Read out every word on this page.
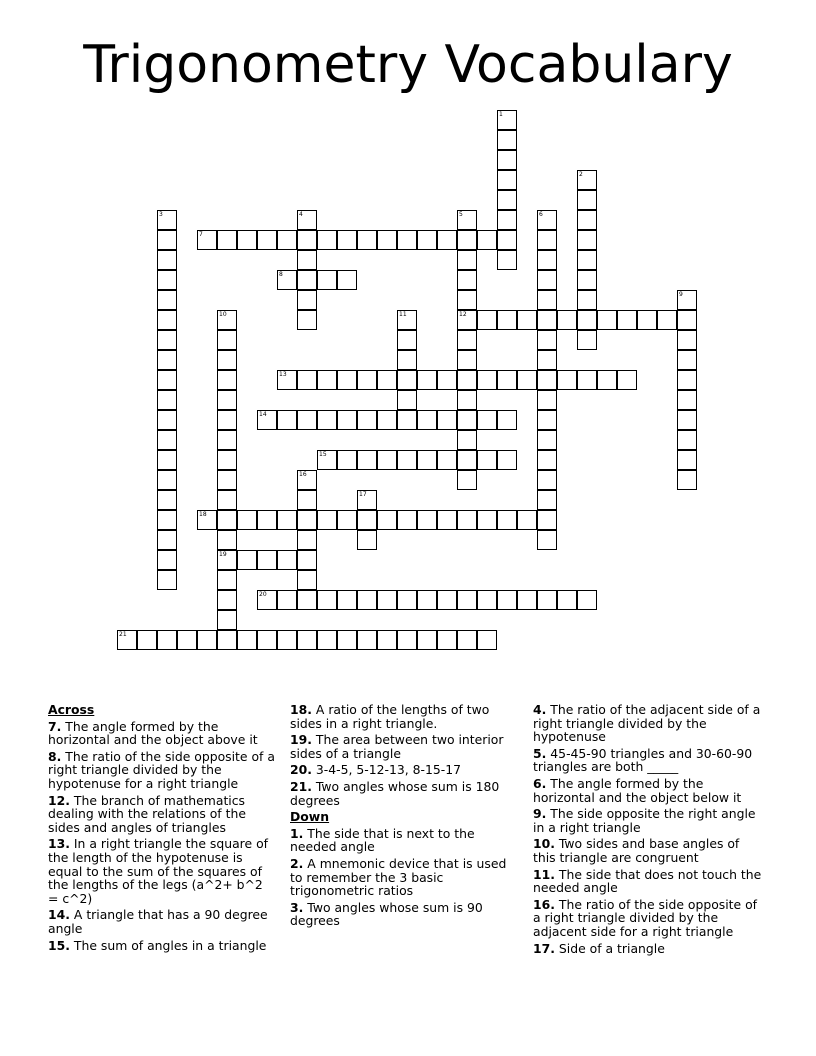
Trigonometry Vocabulary
1
2
3	4	5
12
6
7
8
9
10
19
11
13
14
15
16
17
18
20
21
Across
7. The angle formed by the horizontal and the object above it
8. The ratio of the side opposite of a right triangle divided by the hypotenuse for a right triangle
12. The branch of mathematics dealing with the relations of the sides and angles of triangles
13. In a right triangle the square of the length of the hypotenuse is equal to the sum of the squares of the lengths of the legs (a^2+ b^2 = c^2)
14. A triangle that has a 90 degree angle
15. The sum of angles in a triangle
18. A ratio of the lengths of two sides in a right triangle.
19. The area between two interior sides of a triangle
20. 3-4-5, 5-12-13, 8-15-17
21. Two angles whose sum is 180 degrees
Down
1. The side that is next to the needed angle
2. A mnemonic device that is used to remember the 3 basic trigonometric ratios
3. Two angles whose sum is 90 degrees
4. The ratio of the adjacent side of a right triangle divided by the hypotenuse
5. 45-45-90 triangles and 30-60-90 triangles are both _____
6. The angle formed by the horizontal and the object below it
9. The side opposite the right angle in a right triangle
10. Two sides and base angles of this triangle are congruent
11. The side that does not touch the needed angle
16. The ratio of the side opposite of a right triangle divided by the adjacent side for a right triangle
17. Side of a triangle
